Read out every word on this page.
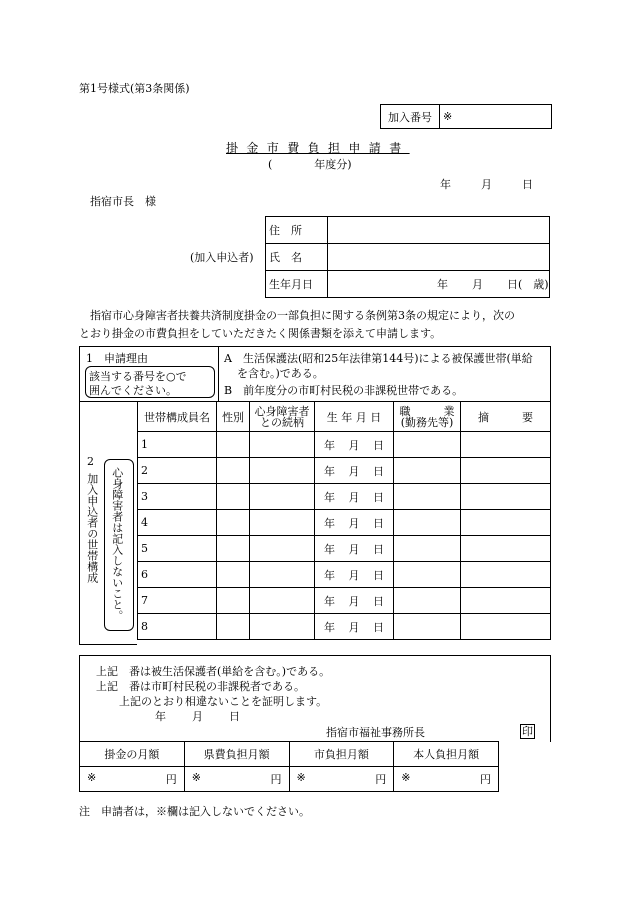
第1号様式(第3条関係)
加入番号	※
掛金市費負担申請書
(	年度分)
年	月	日
指宿市長　様
(加入申込者)
住　所	
氏　名	
生年月日	年 月 日(　歳)
指宿市心身障害者扶養共済制度掛金の一部負担に関する条例第3条の規定により，次の
とおり掛金の市費負担をしていただきたく関係書類を添えて申請します。
1　申請理由
該当する番号を○で
囲んでください。
A　生活保護法(昭和25年法律第144号)による被保護世帯(単給
を含む。)である。
B　前年度分の市町村民税の非課税世帯である。
2
加入申込者の世帯構成 心身障害者は記入しないこと。
世帯構成員名	性別	心身障害者
との続柄	生 年 月 日	職　　　業
(勤務先等)	摘　　　要
1			年 月 日		

2			年 月 日		

3			年 月 日		

4			年 月 日		

5			年 月 日		

6			年 月 日		

7			年 月 日		

8			年 月 日		

上記　番は被生活保護者(単給を含む。)である。
上記　番は市町村民税の非課税者である。
上記のとおり相違ないことを証明します。
年 月 日
指宿市福祉事務所長	印
掛金の月額	県費負担月額	市負担月額	本人負担月額

※ 円	※ 円	※ 円	※ 円
注　申請者は，※欄は記入しないでください。
